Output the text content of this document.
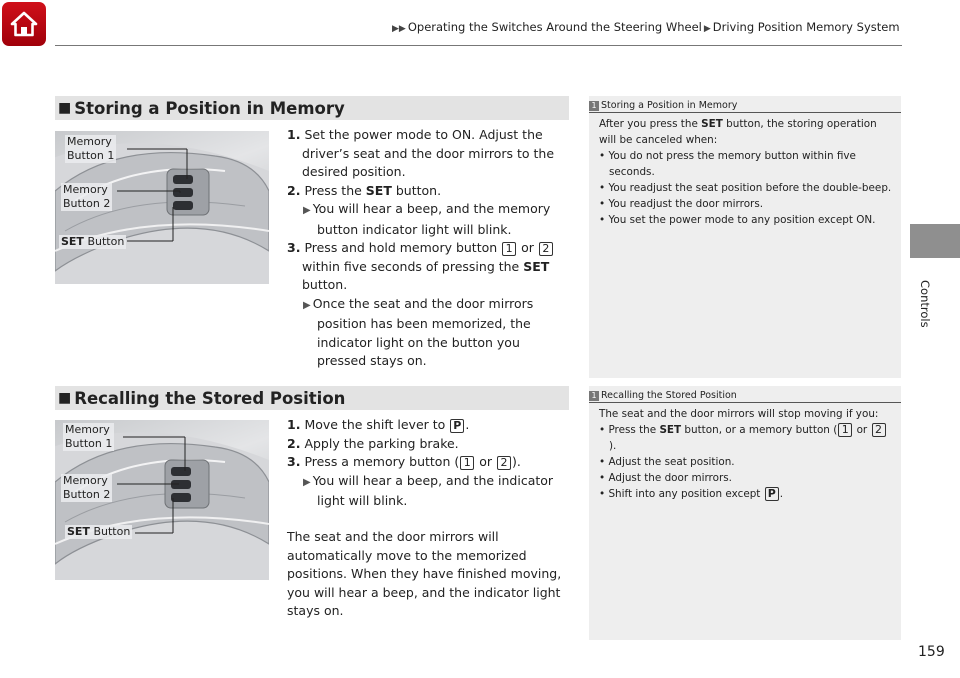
▶▶ Operating the Switches Around the Steering Wheel ▶ Driving Position Memory System
Controls
■ Storing a Position in Memory
Memory
Button 1
Memory
Button 2
SET Button
1. Set the power mode to ON. Adjust the driver’s seat and the door mirrors to the desired position.
2. Press the SET button.
▶ You will hear a beep, and the memory button indicator light will blink.
3. Press and hold memory button 1 or 2 within five seconds of pressing the SET button.
▶ Once the seat and the door mirrors position has been memorized, the indicator light on the button you pressed stays on.
1 Storing a Position in Memory
After you press the SET button, the storing operation will be canceled when:
• You do not press the memory button within five seconds.
• You readjust the seat position before the double-beep.
• You readjust the door mirrors.
• You set the power mode to any position except ON.
■ Recalling the Stored Position
Memory
Button 1
Memory
Button 2
SET Button
1. Move the shift lever to P .
2. Apply the parking brake.
3. Press a memory button ( 1 or 2 ).
▶ You will hear a beep, and the indicator light will blink.
The seat and the door mirrors will automatically move to the memorized positions. When they have finished moving, you will hear a beep, and the indicator light stays on.
1 Recalling the Stored Position
The seat and the door mirrors will stop moving if you:
• Press the SET button, or a memory button ( 1 or 2).
• Adjust the seat position.
• Adjust the door mirrors.
• Shift into any position except P .
159
